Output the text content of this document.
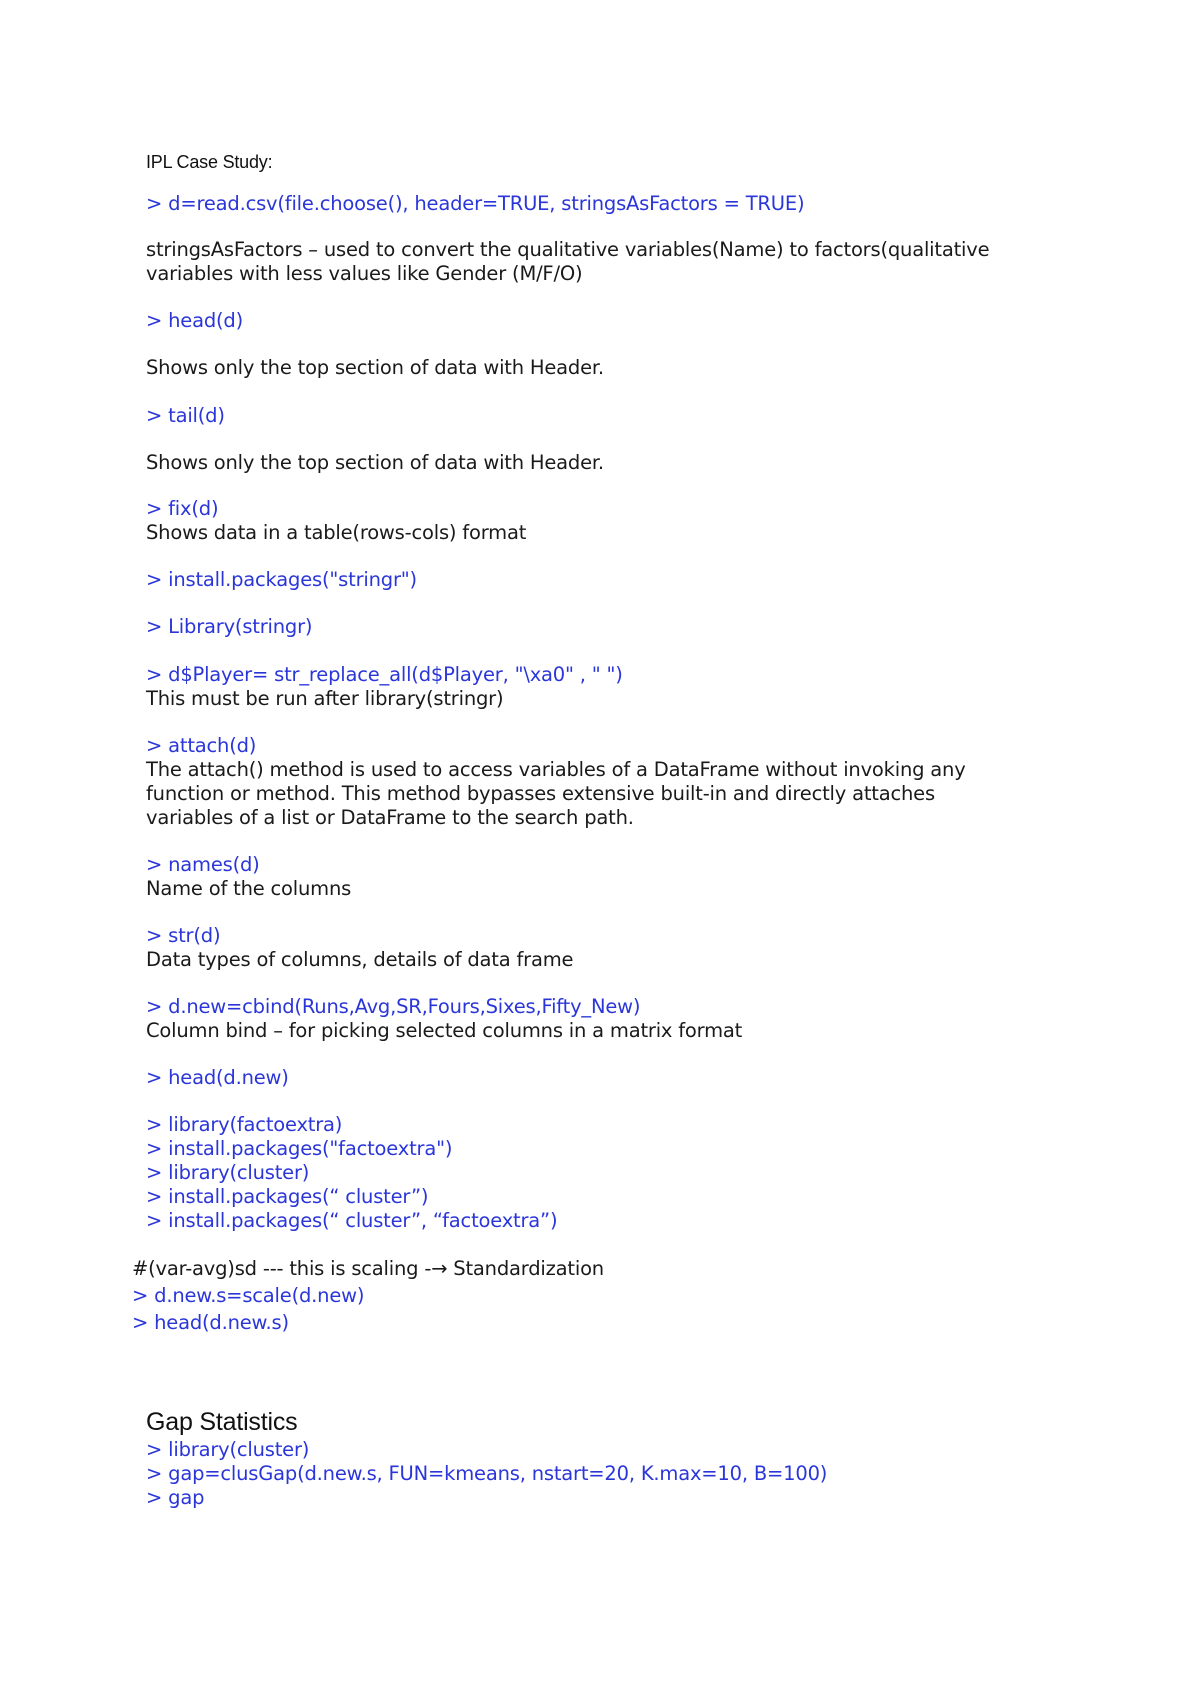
IPL Case Study:

> d=read.csv(file.choose(), header=TRUE, stringsAsFactors = TRUE)

stringsAsFactors – used to convert the qualitative variables(Name) to factors(qualitative

variables with less values like Gender (M/F/O)

> head(d)

Shows only the top section of data with Header.

> tail(d)

Shows only the top section of data with Header.

> fix(d)

Shows data in a table(rows-cols) format

> install.packages("stringr")

> Library(stringr)

> d$Player= str_replace_all(d$Player, "\xa0" , " ")

This must be run after library(stringr)

> attach(d)

The attach() method is used to access variables of a DataFrame without invoking any

function or method. This method bypasses extensive built-in and directly attaches

variables of a list or DataFrame to the search path.

> names(d)

Name of the columns

> str(d)

Data types of columns, details of data frame

> d.new=cbind(Runs,Avg,SR,Fours,Sixes,Fifty_New)

Column bind – for picking selected columns in a matrix format

> head(d.new)

> library(factoextra)

> install.packages("factoextra")

> library(cluster)

> install.packages(“ cluster”)

> install.packages(“ cluster”, “factoextra”)

#(var-avg)sd --- this is scaling -→ Standardization

> d.new.s=scale(d.new)

> head(d.new.s)

Gap Statistics

> library(cluster)

> gap=clusGap(d.new.s, FUN=kmeans, nstart=20, K.max=10, B=100)

> gap
